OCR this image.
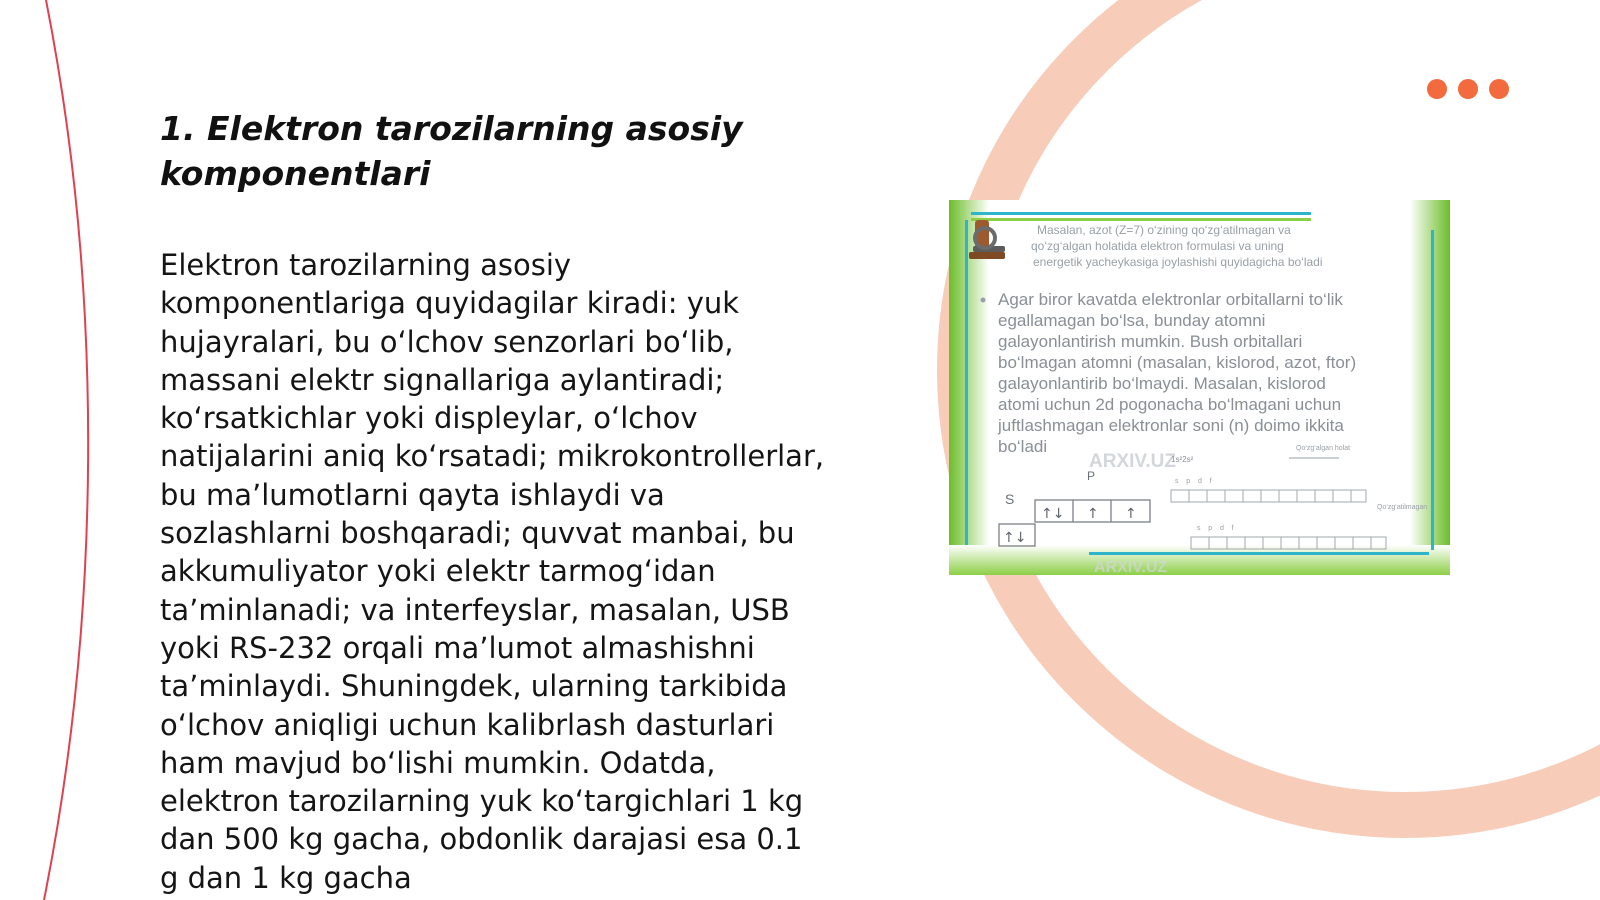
1. Elektron tarozilarning asosiy komponentlari

Elektron tarozilarning asosiy komponentlariga quyidagilar kiradi: yuk hujayralari, bu o‘lchov senzorlari bo‘lib, massani elektr signallariga aylantiradi; ko‘rsatkichlar yoki displeylar, o‘lchov natijalarini aniq ko‘rsatadi; mikrokontrollerlar, bu ma’lumotlarni qayta ishlaydi va sozlashlarni boshqaradi; quvvat manbai, bu akkumuliyator yoki elektr tarmog‘idan ta’minlanadi; va interfeyslar, masalan, USB yoki RS-232 orqali ma’lumot almashishni ta’minlaydi. Shuningdek, ularning tarkibida o‘lchov aniqligi uchun kalibrlash dasturlari ham mavjud bo‘lishi mumkin. Odatda, elektron tarozilarning yuk ko‘targichlari 1 kg dan 500 kg gacha, obdonlik darajasi esa 0.1 g dan 1 kg gacha

Masalan, azot (Z=7) o‘zining qo‘zg‘atilmagan va
qo‘zg‘algan holatida elektron formulasi va uning
energetik yacheykasiga joylashishi quyidagicha bo‘ladi
Agar biror kavatda elektronlar orbitallarni to‘lik
egallamagan bo‘lsa, bunday atomni
galayonlantirish mumkin. Bush orbitallari
bo‘lmagan atomni (masalan, kislorod, azot, ftor)
galayonlantirib bo‘lmaydi. Masalan, kislorod
atomi uchun 2d pogonacha bo‘lmagani uchun
juftlashmagan elektronlar soni (n) doimo ikkita
bo‘ladi
ARXIV.UZ
ARXIV.UZ
1s²2s²
Qo‘zg‘algan holat
Qo‘zg‘atilmagan
S
P
↑↓ ↑ ↑
↑↓
s    p    d    f
s    p    d    f
